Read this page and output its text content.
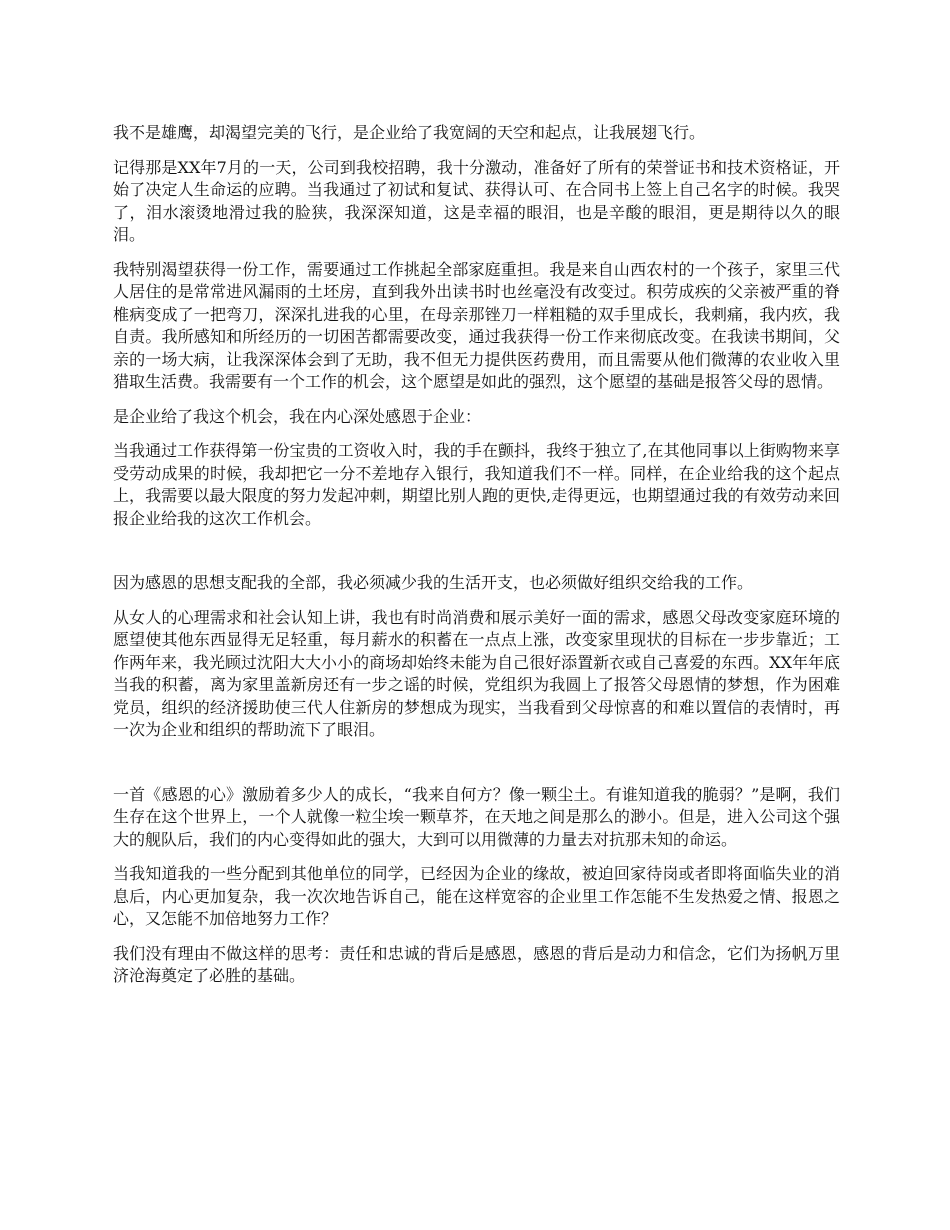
我不是雄鹰，却渴望完美的飞行，是企业给了我宽阔的天空和起点，让我展翅飞行。

记得那是XX年7月的一天，公司到我校招聘，我十分激动，准备好了所有的荣誉证书和技术资格证，开始了决定人生命运的应聘。当我通过了初试和复试、获得认可、在合同书上签上自己名字的时候。我哭了，泪水滚烫地滑过我的脸狭，我深深知道，这是幸福的眼泪，也是辛酸的眼泪，更是期待以久的眼泪。

我特别渴望获得一份工作，需要通过工作挑起全部家庭重担。我是来自山西农村的一个孩子，家里三代人居住的是常常进风漏雨的土坯房，直到我外出读书时也丝毫没有改变过。积劳成疾的父亲被严重的脊椎病变成了一把弯刀，深深扎进我的心里，在母亲那锉刀一样粗糙的双手里成长，我刺痛，我内疚，我自责。我所感知和所经历的一切困苦都需要改变，通过我获得一份工作来彻底改变。在我读书期间，父亲的一场大病，让我深深体会到了无助，我不但无力提供医药费用，而且需要从他们微薄的农业收入里猎取生活费。我需要有一个工作的机会，这个愿望是如此的强烈，这个愿望的基础是报答父母的恩情。

是企业给了我这个机会，我在内心深处感恩于企业：

当我通过工作获得第一份宝贵的工资收入时，我的手在颤抖，我终于独立了,在其他同事以上街购物来享受劳动成果的时候，我却把它一分不差地存入银行，我知道我们不一样。同样，在企业给我的这个起点上，我需要以最大限度的努力发起冲刺，期望比别人跑的更快,走得更远，也期望通过我的有效劳动来回报企业给我的这次工作机会。

因为感恩的思想支配我的全部，我必须减少我的生活开支，也必须做好组织交给我的工作。

从女人的心理需求和社会认知上讲，我也有时尚消费和展示美好一面的需求，感恩父母改变家庭环境的愿望使其他东西显得无足轻重，每月薪水的积蓄在一点点上涨，改变家里现状的目标在一步步靠近；工作两年来，我光顾过沈阳大大小小的商场却始终未能为自己很好添置新衣或自己喜爱的东西。XX年年底当我的积蓄，离为家里盖新房还有一步之谣的时候，党组织为我圆上了报答父母恩情的梦想，作为困难党员，组织的经济援助使三代人住新房的梦想成为现实，当我看到父母惊喜的和难以置信的表情时，再一次为企业和组织的帮助流下了眼泪。

一首《感恩的心》激励着多少人的成长，“我来自何方？像一颗尘土。有谁知道我的脆弱？”是啊，我们生存在这个世界上，一个人就像一粒尘埃一颗草芥，在天地之间是那么的渺小。但是，进入公司这个强大的舰队后，我们的内心变得如此的强大，大到可以用微薄的力量去对抗那未知的命运。

当我知道我的一些分配到其他单位的同学，已经因为企业的缘故，被迫回家待岗或者即将面临失业的消息后，内心更加复杂，我一次次地告诉自己，能在这样宽容的企业里工作怎能不生发热爱之情、报恩之心，又怎能不加倍地努力工作？

我们没有理由不做这样的思考：责任和忠诚的背后是感恩，感恩的背后是动力和信念，它们为扬帆万里济沧海奠定了必胜的基础。
